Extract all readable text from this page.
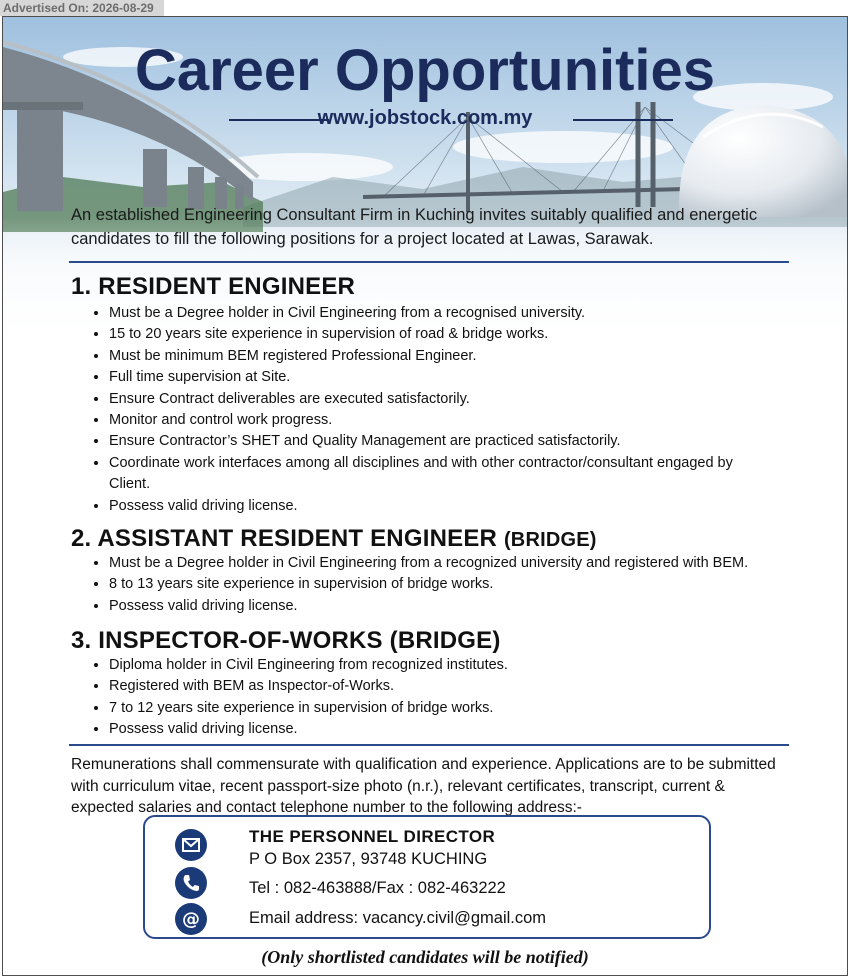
Advertised On: 2026-08-29
Career Opportunities
www.jobstock.com.my

An established Engineering Consultant Firm in Kuching invites suitably qualified and energetic candidates to fill the following positions for a project located at Lawas, Sarawak.

1. RESIDENT ENGINEER
• Must be a Degree holder in Civil Engineering from a recognised university.
• 15 to 20 years site experience in supervision of road & bridge works.
• Must be minimum BEM registered Professional Engineer.
• Full time supervision at Site.
• Ensure Contract deliverables are executed satisfactorily.
• Monitor and control work progress.
• Ensure Contractor’s SHET and Quality Management are practiced satisfactorily.
• Coordinate work interfaces among all disciplines and with other contractor/consultant engaged by Client.
• Possess valid driving license.
2. ASSISTANT RESIDENT ENGINEER (BRIDGE)
• Must be a Degree holder in Civil Engineering from a recognized university and registered with BEM.
• 8 to 13 years site experience in supervision of bridge works.
• Possess valid driving license.
3. INSPECTOR-OF-WORKS (BRIDGE)
• Diploma holder in Civil Engineering from recognized institutes.
• Registered with BEM as Inspector-of-Works.
• 7 to 12 years site experience in supervision of bridge works.
• Possess valid driving license.

Remunerations shall commensurate with qualification and experience. Applications are to be submitted with curriculum vitae, recent passport-size photo (n.r.), relevant certificates, transcript, current & expected salaries and contact telephone number to the following address:-

@

THE PERSONNEL DIRECTOR

P O Box 2357, 93748 KUCHING

Tel : 082-463888/Fax : 082-463222

Email address: vacancy.civil@gmail.com

(Only shortlisted candidates will be notified)
